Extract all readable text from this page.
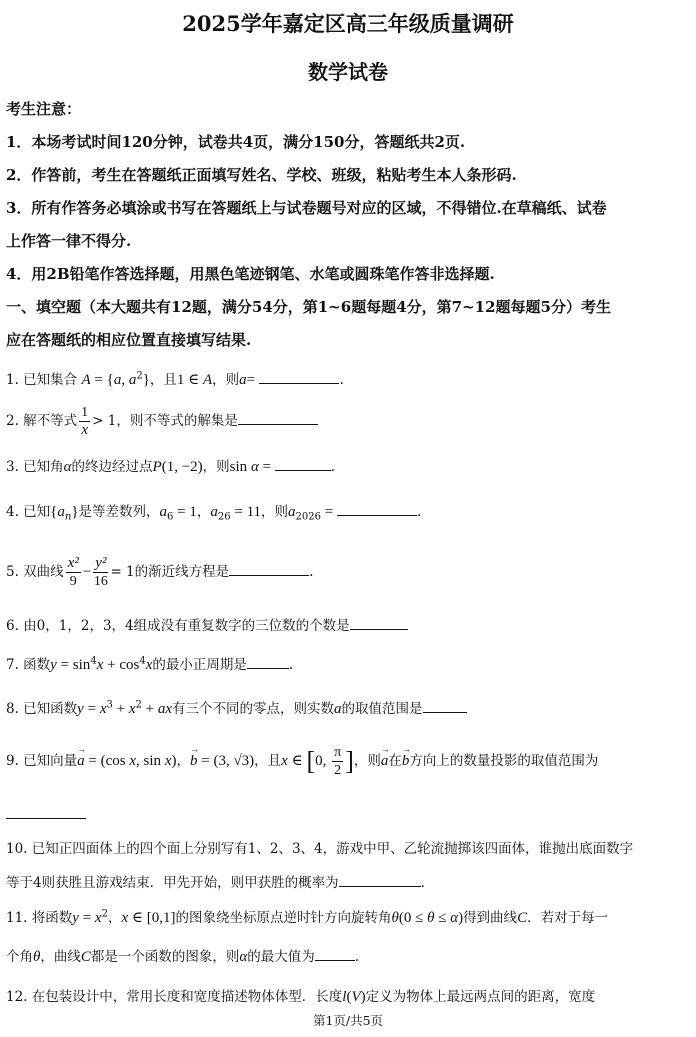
2025学年嘉定区高三年级质量调研
数学试卷
考生注意：
1．本场考试时间120分钟，试卷共4页，满分150分，答题纸共2页.
2．作答前，考生在答题纸正面填写姓名、学校、班级，粘贴考生本人条形码.
3．所有作答务必填涂或书写在答题纸上与试卷题号对应的区域，不得错位.在草稿纸、试卷
上作答一律不得分.
4．用2B铅笔作答选择题，用黑色笔迹钢笔、水笔或圆珠笔作答非选择题.
一、填空题（本大题共有12题，满分54分，第1~6题每题4分，第7~12题每题5分）考生
应在答题纸的相应位置直接填写结果.
1. 已知集合 A = {a, $a^2$}，且1 ∈ A，则a=	.
2. 解不等式 $\frac{1}{x} > 1$，则不等式的解集是
3. 已知角α的终边经过点P(1, −2)，则sin α =	.
4. 已知$\{a_n\}$是等差数列，$a_6 = 1$，$a_{26} = 11$，则$a_{2026}$ =	.
5. 双曲线 $\frac{\text{x²}}{9} - \frac{\text{y²}}{16} = 1$的渐近线方程是	.
6. 由0，1，2，3，4组成没有重复数字的三位数的个数是
7. 函数$y = \sin^4x + \cos^4x$的最小正周期是	.
8. 已知函数$y = x^3 + x^2$ + ax有三个不同的零点，则实数a的取值范围是
9. 已知向量→ a = (cos x, sin x)，→ b = (3, √3)，且x ∈ [0, $\frac{\pi}{2}$ ]，则→ a在→ b方向上的数量投影的取值范围为
10. 已知正四面体上的四个面上分别写有1、2、3、4，游戏中甲、乙轮流抛掷该四面体，谁抛出底面数字
等于4则获胜且游戏结束．甲先开始，则甲获胜的概率为	.
11. 将函数$y = x^2$，x ∈ [0,1]的图象绕坐标原点逆时针方向旋转角θ(0 ≤ θ ≤ α)得到曲线C．若对于每一
个角θ，曲线C都是一个函数的图象，则α的最大值为	.
12. 在包装设计中，常用长度和宽度描述物体体型．长度l(V)定义为物体上最远两点间的距离，宽度
第1页/共5页
